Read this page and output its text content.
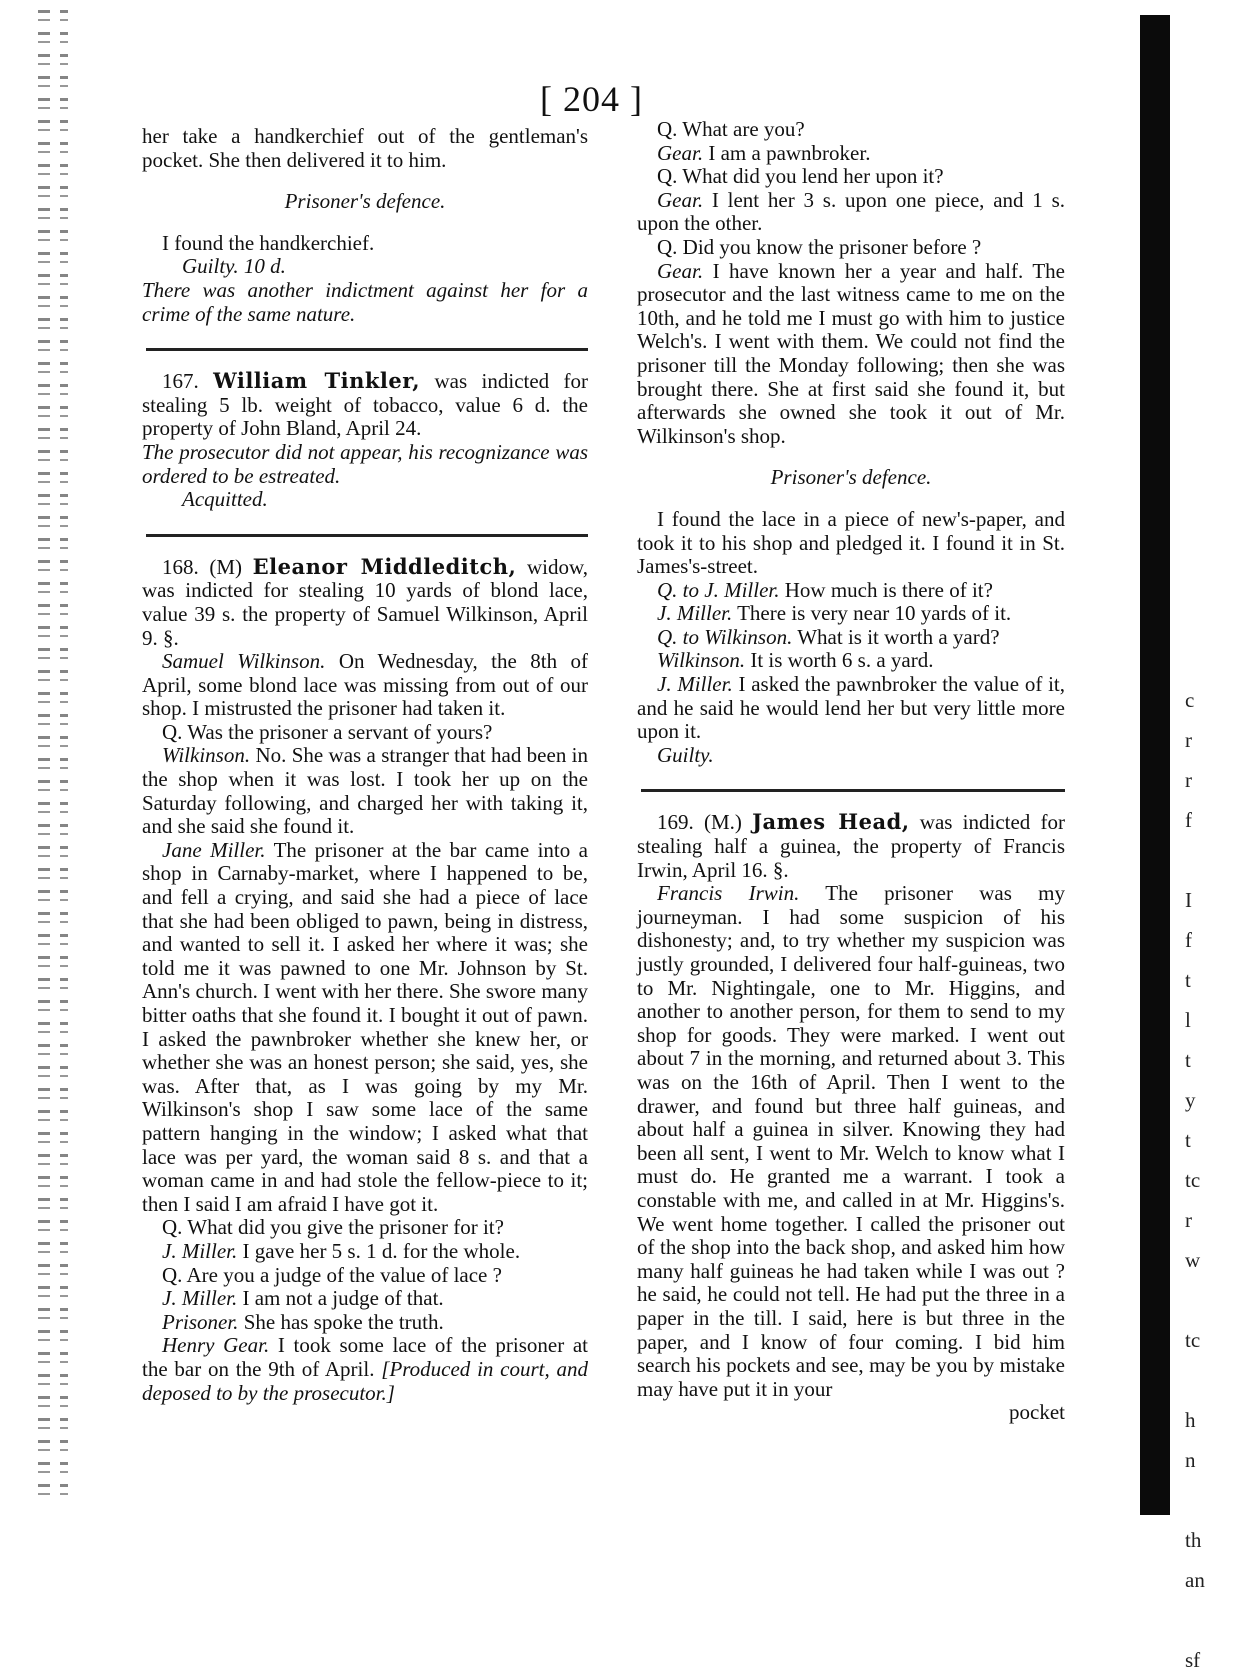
c
r
r
f
I
f
t
l
t
y
t
tc
r
w
tc
h
n
th
an
sf
[ 204 ]

her take a handkerchief out of the gentleman's pocket. She then delivered it to him.

Prisoner's defence.

I found the handkerchief.

Guilty. 10 d.

There was another indictment against her for a crime of the same nature.

167. William Tinkler, was indicted for stealing 5 lb. weight of tobacco, value 6 d. the property of John Bland, April 24.

The prosecutor did not appear, his recognizance was ordered to be estreated.

Acquitted.

168. (M) Eleanor Middleditch, widow, was indicted for stealing 10 yards of blond lace, value 39 s. the property of Samuel Wilkinson, April 9. §.

Samuel Wilkinson. On Wednesday, the 8th of April, some blond lace was missing from out of our shop. I mistrusted the prisoner had taken it.

Q. Was the prisoner a servant of yours?

Wilkinson. No. She was a stranger that had been in the shop when it was lost. I took her up on the Saturday following, and charged her with taking it, and she said she found it.

Jane Miller. The prisoner at the bar came into a shop in Carnaby-market, where I happened to be, and fell a crying, and said she had a piece of lace that she had been obliged to pawn, being in distress, and wanted to sell it. I asked her where it was; she told me it was pawned to one Mr. Johnson by St. Ann's church. I went with her there. She swore many bitter oaths that she found it. I bought it out of pawn. I asked the pawnbroker whether she knew her, or whether she was an honest person; she said, yes, she was. After that, as I was going by my Mr. Wilkinson's shop I saw some lace of the same pattern hanging in the window; I asked what that lace was per yard, the woman said 8 s. and that a woman came in and had stole the fellow-piece to it; then I said I am afraid I have got it.

Q. What did you give the prisoner for it?

J. Miller. I gave her 5 s. 1 d. for the whole.

Q. Are you a judge of the value of lace ?

J. Miller. I am not a judge of that.

Prisoner. She has spoke the truth.

Henry Gear. I took some lace of the prisoner at the bar on the 9th of April. [Produced in court, and deposed to by the prosecutor.]

Q. What are you?

Gear. I am a pawnbroker.

Q. What did you lend her upon it?

Gear. I lent her 3 s. upon one piece, and 1 s. upon the other.

Q. Did you know the prisoner before ?

Gear. I have known her a year and half. The prosecutor and the last witness came to me on the 10th, and he told me I must go with him to justice Welch's. I went with them. We could not find the prisoner till the Monday following; then she was brought there. She at first said she found it, but afterwards she owned she took it out of Mr. Wilkinson's shop.

Prisoner's defence.

I found the lace in a piece of new's-paper, and took it to his shop and pledged it. I found it in St. James's-street.

Q. to J. Miller. How much is there of it?

J. Miller. There is very near 10 yards of it.

Q. to Wilkinson. What is it worth a yard?

Wilkinson. It is worth 6 s. a yard.

J. Miller. I asked the pawnbroker the value of it, and he said he would lend her but very little more upon it.

Guilty.

169. (M.) James Head, was indicted for stealing half a guinea, the property of Francis Irwin, April 16. §.

Francis Irwin. The prisoner was my journeyman. I had some suspicion of his dishonesty; and, to try whether my suspicion was justly grounded, I delivered four half-guineas, two to Mr. Nightingale, one to Mr. Higgins, and another to another person, for them to send to my shop for goods. They were marked. I went out about 7 in the morning, and returned about 3. This was on the 16th of April. Then I went to the drawer, and found but three half guineas, and about half a guinea in silver. Knowing they had been all sent, I went to Mr. Welch to know what I must do. He granted me a warrant. I took a constable with me, and called in at Mr. Higgins's. We went home together. I called the prisoner out of the shop into the back shop, and asked him how many half guineas he had taken while I was out ? he said, he could not tell. He had put the three in a paper in the till. I said, here is but three in the paper, and I know of four coming. I bid him search his pockets and see, may be you by mistake may have put it in your

pocket
